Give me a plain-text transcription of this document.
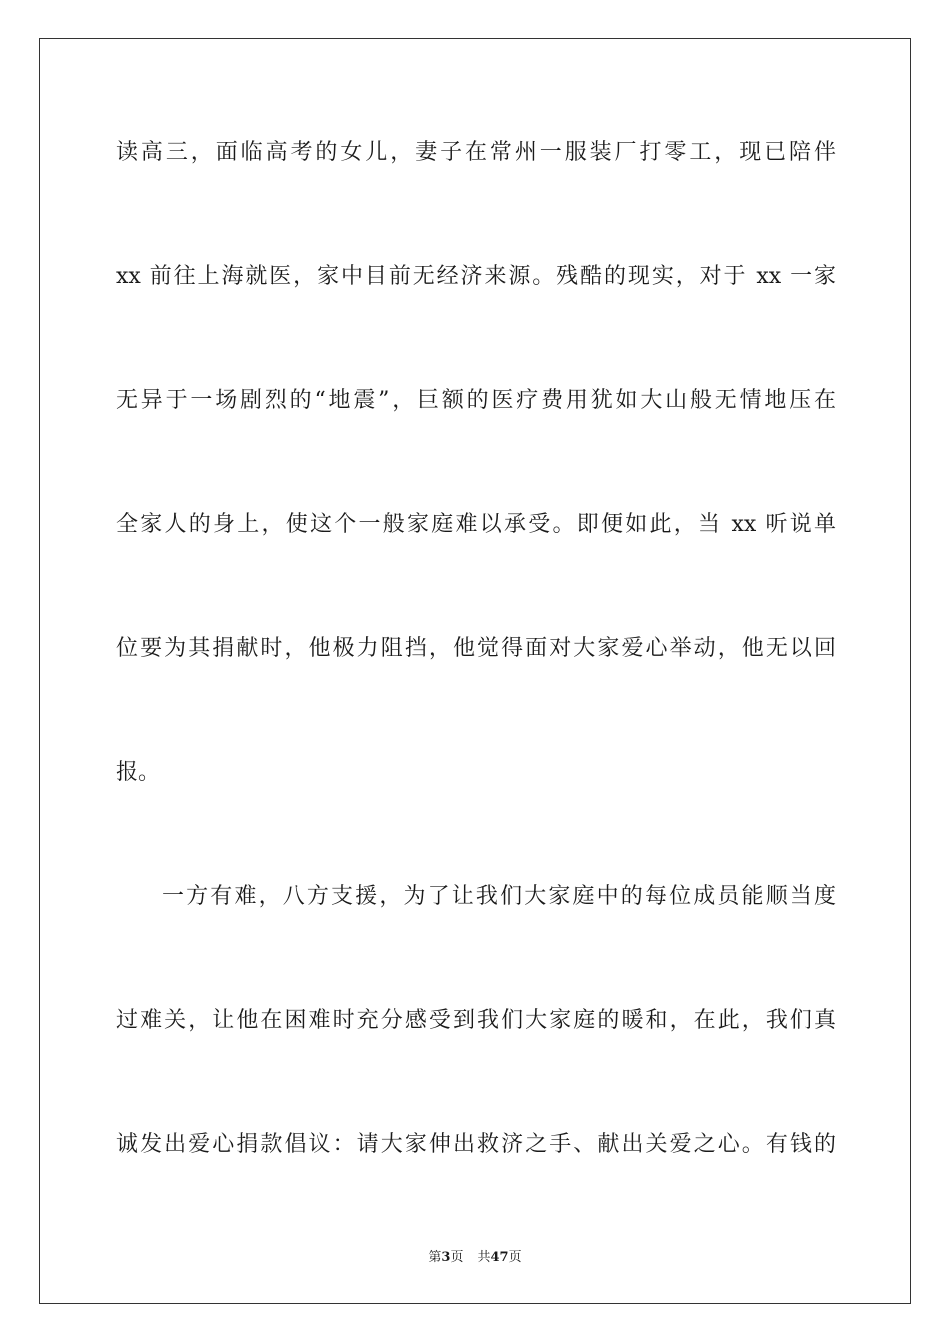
读高三，面临高考的女儿，妻子在常州一服装厂打零工，现已陪伴
xx 前往上海就医，家中目前无经济来源。残酷的现实，对于 xx 一家
无异于一场剧烈的“地震”，巨额的医疗费用犹如大山般无情地压在
全家人的身上，使这个一般家庭难以承受。即便如此，当 xx 听说单
位要为其捐献时，他极力阻挡，他觉得面对大家爱心举动，他无以回
报。
一方有难，八方支援，为了让我们大家庭中的每位成员能顺当度
过难关，让他在困难时充分感受到我们大家庭的暖和，在此，我们真
诚发出爱心捐款倡议：请大家伸出救济之手、献出关爱之心。有钱的
第3页 共47页
